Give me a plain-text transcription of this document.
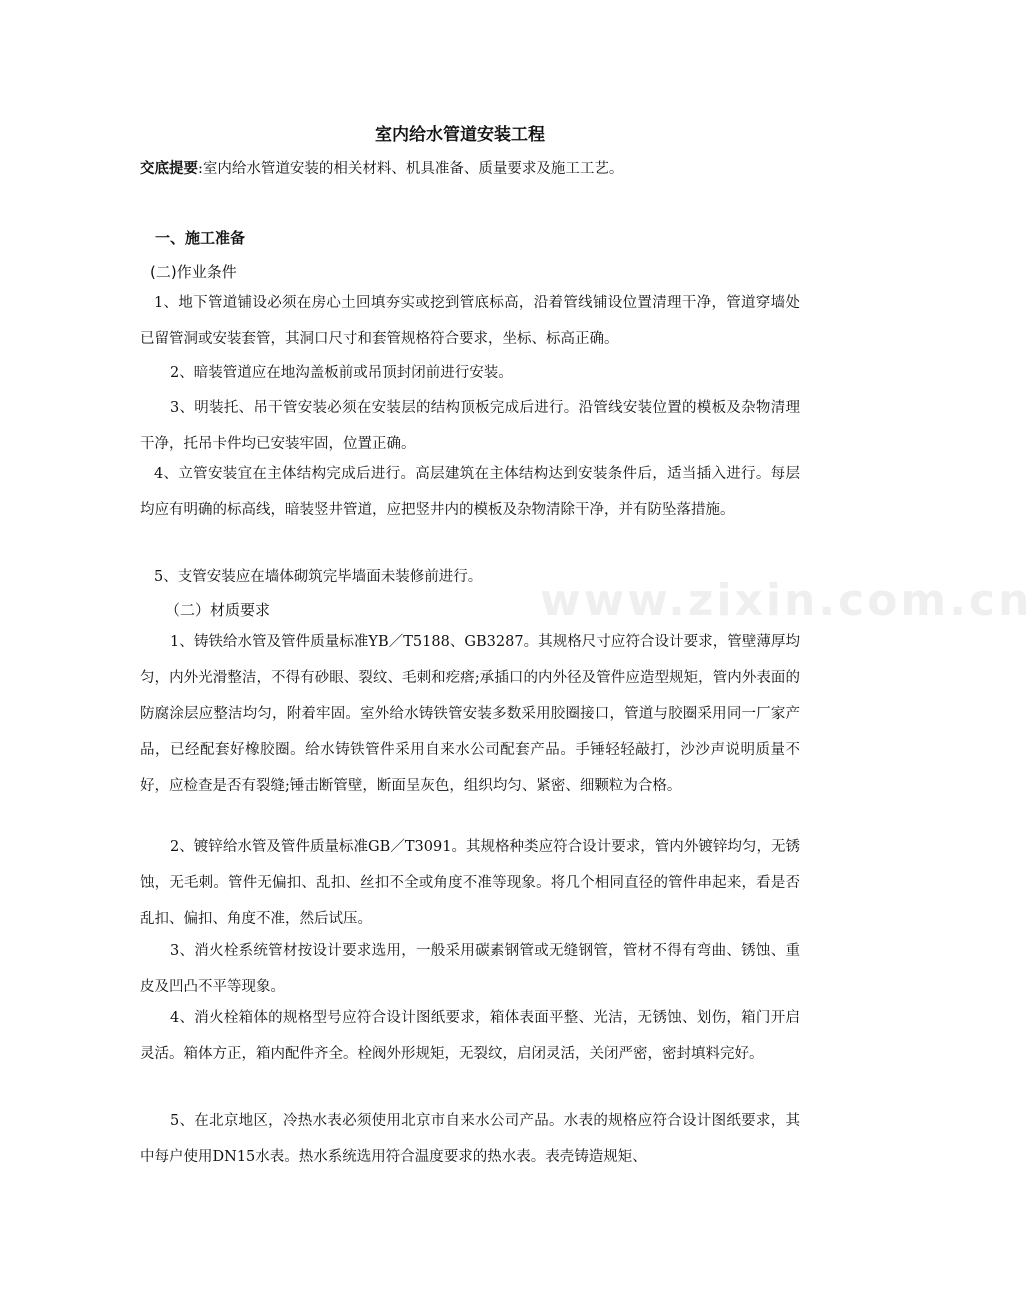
www.zixin.com.cn
室内给水管道安装工程
交底提要:室内给水管道安装的相关材料、机具准备、质量要求及施工工艺。
一、施工准备
(二)作业条件
1、地下管道铺设必须在房心土回填夯实或挖到管底标高，沿着管线铺设位置清理干净，管道穿墙处已留管洞或安装套管，其洞口尺寸和套管规格符合要求，坐标、标高正确。
2、暗装管道应在地沟盖板前或吊顶封闭前进行安装。
3、明装托、吊干管安装必须在安装层的结构顶板完成后进行。沿管线安装位置的模板及杂物清理干净，托吊卡件均已安装牢固，位置正确。
4、立管安装宜在主体结构完成后进行。高层建筑在主体结构达到安装条件后，适当插入进行。每层均应有明确的标高线，暗装竖井管道，应把竖井内的模板及杂物清除干净，并有防坠落措施。
5、支管安装应在墙体砌筑完毕墙面未装修前进行。
（二）材质要求
1、铸铁给水管及管件质量标准YB／T5188、GB3287。其规格尺寸应符合设计要求，管壁薄厚均匀，内外光滑整洁，不得有砂眼、裂纹、毛刺和疙瘩;承插口的内外径及管件应造型规矩，管内外表面的防腐涂层应整洁均匀，附着牢固。室外给水铸铁管安装多数采用胶圈接口，管道与胶圈采用同一厂家产品，已经配套好橡胶圈。给水铸铁管件采用自来水公司配套产品。手锤轻轻敲打，沙沙声说明质量不好，应检查是否有裂缝;锤击断管壁，断面呈灰色，组织均匀、紧密、细颗粒为合格。
2、镀锌给水管及管件质量标准GB／T3091。其规格种类应符合设计要求，管内外镀锌均匀，无锈蚀，无毛刺。管件无偏扣、乱扣、丝扣不全或角度不准等现象。将几个相同直径的管件串起来，看是否乱扣、偏扣、角度不准，然后试压。
3、消火栓系统管材按设计要求选用，一般采用碳素钢管或无缝钢管，管材不得有弯曲、锈蚀、重皮及凹凸不平等现象。
4、消火栓箱体的规格型号应符合设计图纸要求，箱体表面平整、光洁，无锈蚀、划伤，箱门开启灵活。箱体方正，箱内配件齐全。栓阀外形规矩，无裂纹，启闭灵活，关闭严密，密封填料完好。
5、在北京地区，冷热水表必须使用北京市自来水公司产品。水表的规格应符合设计图纸要求，其中每户使用DN15水表。热水系统选用符合温度要求的热水表。表壳铸造规矩、
